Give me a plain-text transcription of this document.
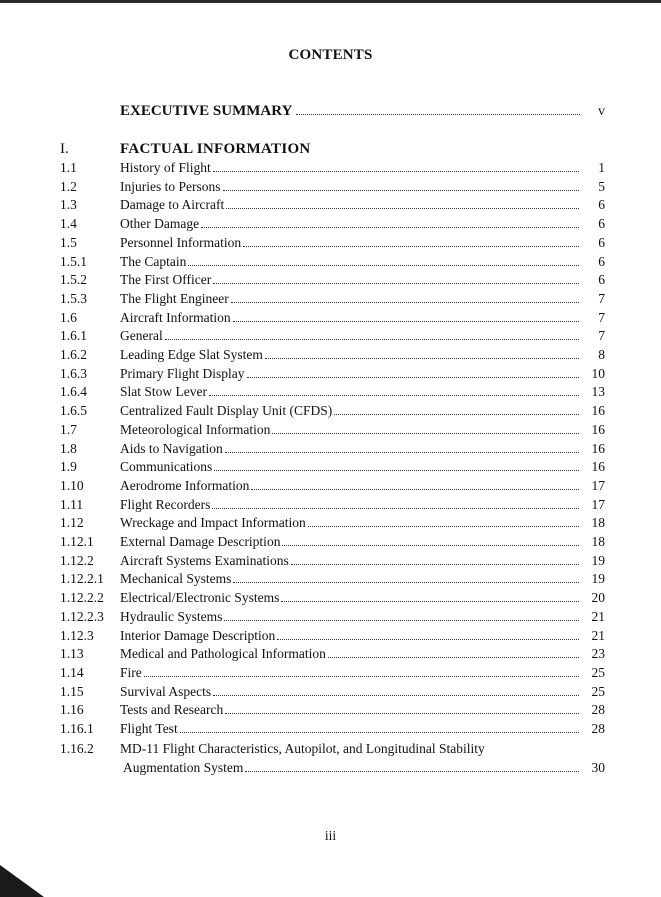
CONTENTS
EXECUTIVE SUMMARY	v
I.	FACTUAL INFORMATION
1.1	History of Flight	1
1.2	Injuries to Persons	5
1.3	Damage to Aircraft	6
1.4	Other Damage	6
1.5	Personnel Information	6
1.5.1	The Captain	6
1.5.2	The First Officer	6
1.5.3	The Flight Engineer	7
1.6	Aircraft Information	7
1.6.1	General	7
1.6.2	Leading Edge Slat System	8
1.6.3	Primary Flight Display	10
1.6.4	Slat Stow Lever	13
1.6.5	Centralized Fault Display Unit (CFDS)	16
1.7	Meteorological Information	16
1.8	Aids to Navigation	16
1.9	Communications	16
1.10	Aerodrome Information	17
1.11	Flight Recorders	17
1.12	Wreckage and Impact Information	18
1.12.1	External Damage Description	18
1.12.2	Aircraft Systems Examinations	19
1.12.2.1	Mechanical Systems	19
1.12.2.2	Electrical/Electronic Systems	20
1.12.2.3	Hydraulic Systems	21
1.12.3	Interior Damage Description	21
1.13	Medical and Pathological Information	23
1.14	Fire	25
1.15	Survival Aspects	25
1.16	Tests and Research	28
1.16.1	Flight Test	28
1.16.2	MD-11 Flight Characteristics, Autopilot, and Longitudinal Stability
Augmentation System	30
iii
